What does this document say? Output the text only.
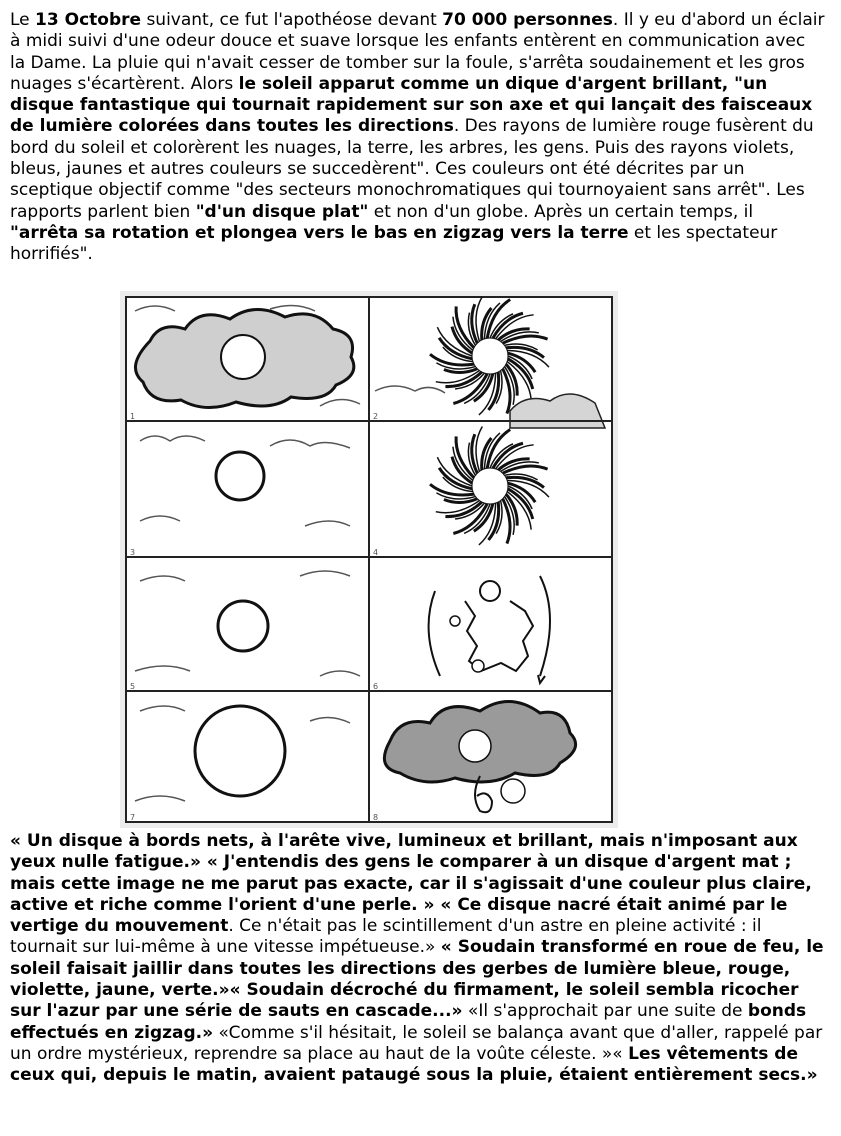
Le 13 Octobre suivant, ce fut l'apothéose devant 70 000 personnes. Il y eu d'abord un éclair à midi suivi d'une odeur douce et suave lorsque les enfants entèrent en communication avec la Dame. La pluie qui n'avait cesser de tomber sur la foule, s'arrêta soudainement et les gros nuages s'écartèrent. Alors le soleil apparut comme un dique d'argent brillant, "un disque fantastique qui tournait rapidement sur son axe et qui lançait des faisceaux de lumière colorées dans toutes les directions. Des rayons de lumière rouge fusèrent du bord du soleil et colorèrent les nuages, la terre, les arbres, les gens. Puis des rayons violets, bleus, jaunes et autres couleurs se succedèrent". Ces couleurs ont été décrites par un sceptique objectif comme "des secteurs monochromatiques qui tournoyaient sans arrêt". Les rapports parlent bien "d'un disque plat" et non d'un globe. Après un certain temps, il "arrêta sa rotation et plongea vers le bas en zigzag vers la terre et les spectateur horrifiés".

1	2
3	4
5	6
7	8

« Un disque à bords nets, à l'arête vive, lumineux et brillant, mais n'imposant aux yeux nulle fatigue.» « J'entendis des gens le comparer à un disque d'argent mat ; mais cette image ne me parut pas exacte, car il s'agissait d'une couleur plus claire, active et riche comme l'orient d'une perle. » « Ce disque nacré était animé par le vertige du mouvement. Ce n'était pas le scintillement d'un astre en pleine activité : il tournait sur lui-même à une vitesse impétueuse.» « Soudain transformé en roue de feu, le soleil faisait jaillir dans toutes les directions des gerbes de lumière bleue, rouge, violette, jaune, verte.»« Soudain décroché du firmament, le soleil sembla ricocher sur l'azur par une série de sauts en cascade...» «Il s'approchait par une suite de bonds effectués en zigzag.» «Comme s'il hésitait, le soleil se balança avant que d'aller, rappelé par un ordre mystérieux, reprendre sa place au haut de la voûte céleste. »« Les vêtements de ceux qui, depuis le matin, avaient pataugé sous la pluie, étaient entièrement secs.»
